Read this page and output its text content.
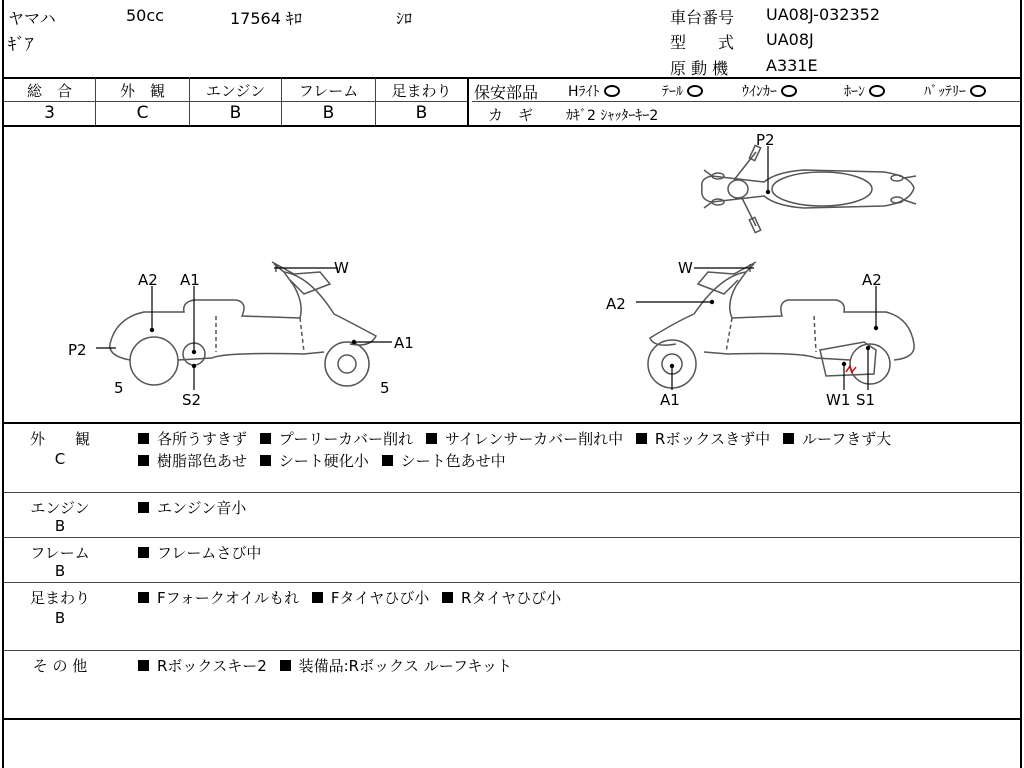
ヤマハ	50cc	17564 ｷﾛ	ｼﾛ
ｷﾞｱ
車台番号 UA08J-032352
型　　式 UA08J
原 動 機 A331E
総　合
3
外　観
C
エンジン
B
フレーム
B
足まわり
B
保安部品 Hﾗｲﾄ	ﾃｰﾙ	ｳｲﾝｶｰ	ﾎｰﾝ	ﾊﾞｯﾃﾘｰ
カ　ギ ｶｷﾞ2 ｼｬｯﾀｰｷｰ2
P2
W
A2 A1
A1
P2
5	5
S2
W
A2
A2
A1	W1 S1
外　　観
C
各所うすきず プーリーカバー削れ サイレンサーカバー削れ中 Rボックスきず中 ルーフきず大
樹脂部色あせ シート硬化小 シート色あせ中
エンジン
B
エンジン音小
フレーム
B
フレームさび中
足まわり
B
Fフォークオイルもれ Fタイヤひび小 Rタイヤひび小
そ の 他	Rボックスキー2 装備品:Rボックス ルーフキット
